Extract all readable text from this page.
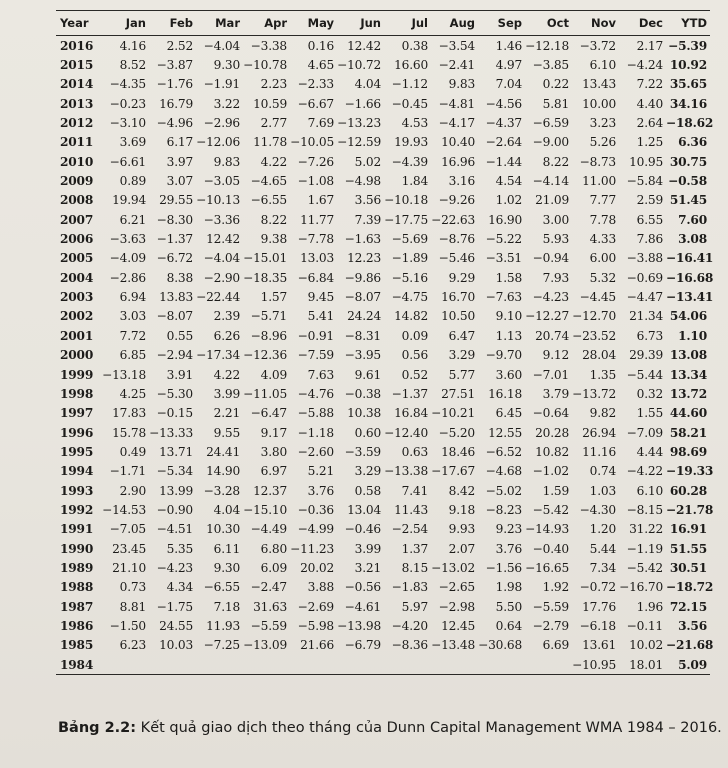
Year	Jan	Feb	Mar	Apr	May	Jun	Jul	Aug	Sep	Oct	Nov	Dec	YTD
2016	4.16	2.52	−4.04	−3.38	0.16	12.42	0.38	−3.54	1.46	−12.18	−3.72	2.17	−5.39
2015	8.52	−3.87	9.30	−10.78	4.65	−10.72	16.60	−2.41	4.97	−3.85	6.10	−4.24	10.92
2014	−4.35	−1.76	−1.91	2.23	−2.33	4.04	−1.12	9.83	7.04	0.22	13.43	7.22	35.65
2013	−0.23	16.79	3.22	10.59	−6.67	−1.66	−0.45	−4.81	−4.56	5.81	10.00	4.40	34.16
2012	−3.10	−4.96	−2.96	2.77	7.69	−13.23	4.53	−4.17	−4.37	−6.59	3.23	2.64	−18.62
2011	3.69	6.17	−12.06	11.78	−10.05	−12.59	19.93	10.40	−2.64	−9.00	5.26	1.25	6.36
2010	−6.61	3.97	9.83	4.22	−7.26	5.02	−4.39	16.96	−1.44	8.22	−8.73	10.95	30.75
2009	0.89	3.07	−3.05	−4.65	−1.08	−4.98	1.84	3.16	4.54	−4.14	11.00	−5.84	−0.58
2008	19.94	29.55	−10.13	−6.55	1.67	3.56	−10.18	−9.26	1.02	21.09	7.77	2.59	51.45
2007	6.21	−8.30	−3.36	8.22	11.77	7.39	−17.75	−22.63	16.90	3.00	7.78	6.55	7.60
2006	−3.63	−1.37	12.42	9.38	−7.78	−1.63	−5.69	−8.76	−5.22	5.93	4.33	7.86	3.08
2005	−4.09	−6.72	−4.04	−15.01	13.03	12.23	−1.89	−5.46	−3.51	−0.94	6.00	−3.88	−16.41
2004	−2.86	8.38	−2.90	−18.35	−6.84	−9.86	−5.16	9.29	1.58	7.93	5.32	−0.69	−16.68
2003	6.94	13.83	−22.44	1.57	9.45	−8.07	−4.75	16.70	−7.63	−4.23	−4.45	−4.47	−13.41
2002	3.03	−8.07	2.39	−5.71	5.41	24.24	14.82	10.50	9.10	−12.27	−12.70	21.34	54.06
2001	7.72	0.55	6.26	−8.96	−0.91	−8.31	0.09	6.47	1.13	20.74	−23.52	6.73	1.10
2000	6.85	−2.94	−17.34	−12.36	−7.59	−3.95	0.56	3.29	−9.70	9.12	28.04	29.39	13.08
1999	−13.18	3.91	4.22	4.09	7.63	9.61	0.52	5.77	3.60	−7.01	1.35	−5.44	13.34
1998	4.25	−5.30	3.99	−11.05	−4.76	−0.38	−1.37	27.51	16.18	3.79	−13.72	0.32	13.72
1997	17.83	−0.15	2.21	−6.47	−5.88	10.38	16.84	−10.21	6.45	−0.64	9.82	1.55	44.60
1996	15.78	−13.33	9.55	9.17	−1.18	0.60	−12.40	−5.20	12.55	20.28	26.94	−7.09	58.21
1995	0.49	13.71	24.41	3.80	−2.60	−3.59	0.63	18.46	−6.52	10.82	11.16	4.44	98.69
1994	−1.71	−5.34	14.90	6.97	5.21	3.29	−13.38	−17.67	−4.68	−1.02	0.74	−4.22	−19.33
1993	2.90	13.99	−3.28	12.37	3.76	0.58	7.41	8.42	−5.02	1.59	1.03	6.10	60.28
1992	−14.53	−0.90	4.04	−15.10	−0.36	13.04	11.43	9.18	−8.23	−5.42	−4.30	−8.15	−21.78
1991	−7.05	−4.51	10.30	−4.49	−4.99	−0.46	−2.54	9.93	9.23	−14.93	1.20	31.22	16.91
1990	23.45	5.35	6.11	6.80	−11.23	3.99	1.37	2.07	3.76	−0.40	5.44	−1.19	51.55
1989	21.10	−4.23	9.30	6.09	20.02	3.21	8.15	−13.02	−1.56	−16.65	7.34	−5.42	30.51
1988	0.73	4.34	−6.55	−2.47	3.88	−0.56	−1.83	−2.65	1.98	1.92	−0.72	−16.70	−18.72
1987	8.81	−1.75	7.18	31.63	−2.69	−4.61	5.97	−2.98	5.50	−5.59	17.76	1.96	72.15
1986	−1.50	24.55	11.93	−5.59	−5.98	−13.98	−4.20	12.45	0.64	−2.79	−6.18	−0.11	3.56
1985	6.23	10.03	−7.25	−13.09	21.66	−6.79	−8.36	−13.48	−30.68	6.69	13.61	10.02	−21.68
1984											−10.95	18.01	5.09
Bảng 2.2: Kết quả giao dịch theo tháng của Dunn Capital Management WMA 1984 – 2016.
